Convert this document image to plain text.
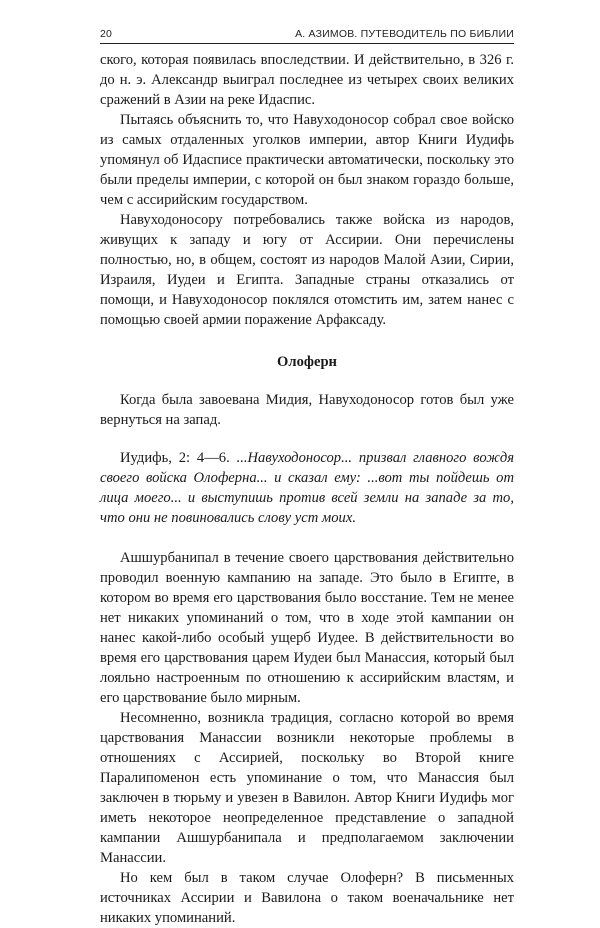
20	А. АЗИМОВ. ПУТЕВОДИТЕЛЬ ПО БИБЛИИ

ского, которая появилась впоследствии. И действительно, в 326 г. до н. э. Александр выиграл последнее из четырех своих великих сражений в Азии на реке Идаспис.

Пытаясь объяснить то, что Навуходоносор собрал свое войско из самых отдаленных уголков империи, автор Книги Иудифь упомянул об Идасписе практически автоматически, поскольку это были пределы империи, с которой он был знаком гораздо больше, чем с ассирийским государством.

Навуходоносору потребовались также войска из народов, живущих к западу и югу от Ассирии. Они перечислены полностью, но, в общем, состоят из народов Малой Азии, Сирии, Израиля, Иудеи и Египта. Западные страны отказались от помощи, и Навуходоносор поклялся отомстить им, затем нанес с помощью своей армии поражение Арфаксаду.

Олоферн

Когда была завоевана Мидия, Навуходоносор готов был уже вернуться на запад.

Иудифь, 2: 4—6. ...Навуходоносор... призвал главного вождя своего войска Олоферна... и сказал ему: ...вот ты пойдешь от лица моего... и выступишь против всей земли на западе за то, что они не повиновались слову уст моих.

Ашшурбанипал в течение своего царствования действительно проводил военную кампанию на западе. Это было в Египте, в котором во время его царствования было восстание. Тем не менее нет никаких упоминаний о том, что в ходе этой кампании он нанес какой-либо особый ущерб Иудее. В действительности во время его царствования царем Иудеи был Манассия, который был лояльно настроенным по отношению к ассирийским властям, и его царствование было мирным.

Несомненно, возникла традиция, согласно которой во время царствования Манассии возникли некоторые проблемы в отношениях с Ассирией, поскольку во Второй книге Паралипоменон есть упоминание о том, что Манассия был заключен в тюрьму и увезен в Вавилон. Автор Книги Иудифь мог иметь некоторое неопределенное представление о западной кампании Ашшурбанипала и предполагаемом заключении Манассии.

Но кем был в таком случае Олоферн? В письменных источниках Ассирии и Вавилона о таком военачальнике нет никаких упоминаний.
